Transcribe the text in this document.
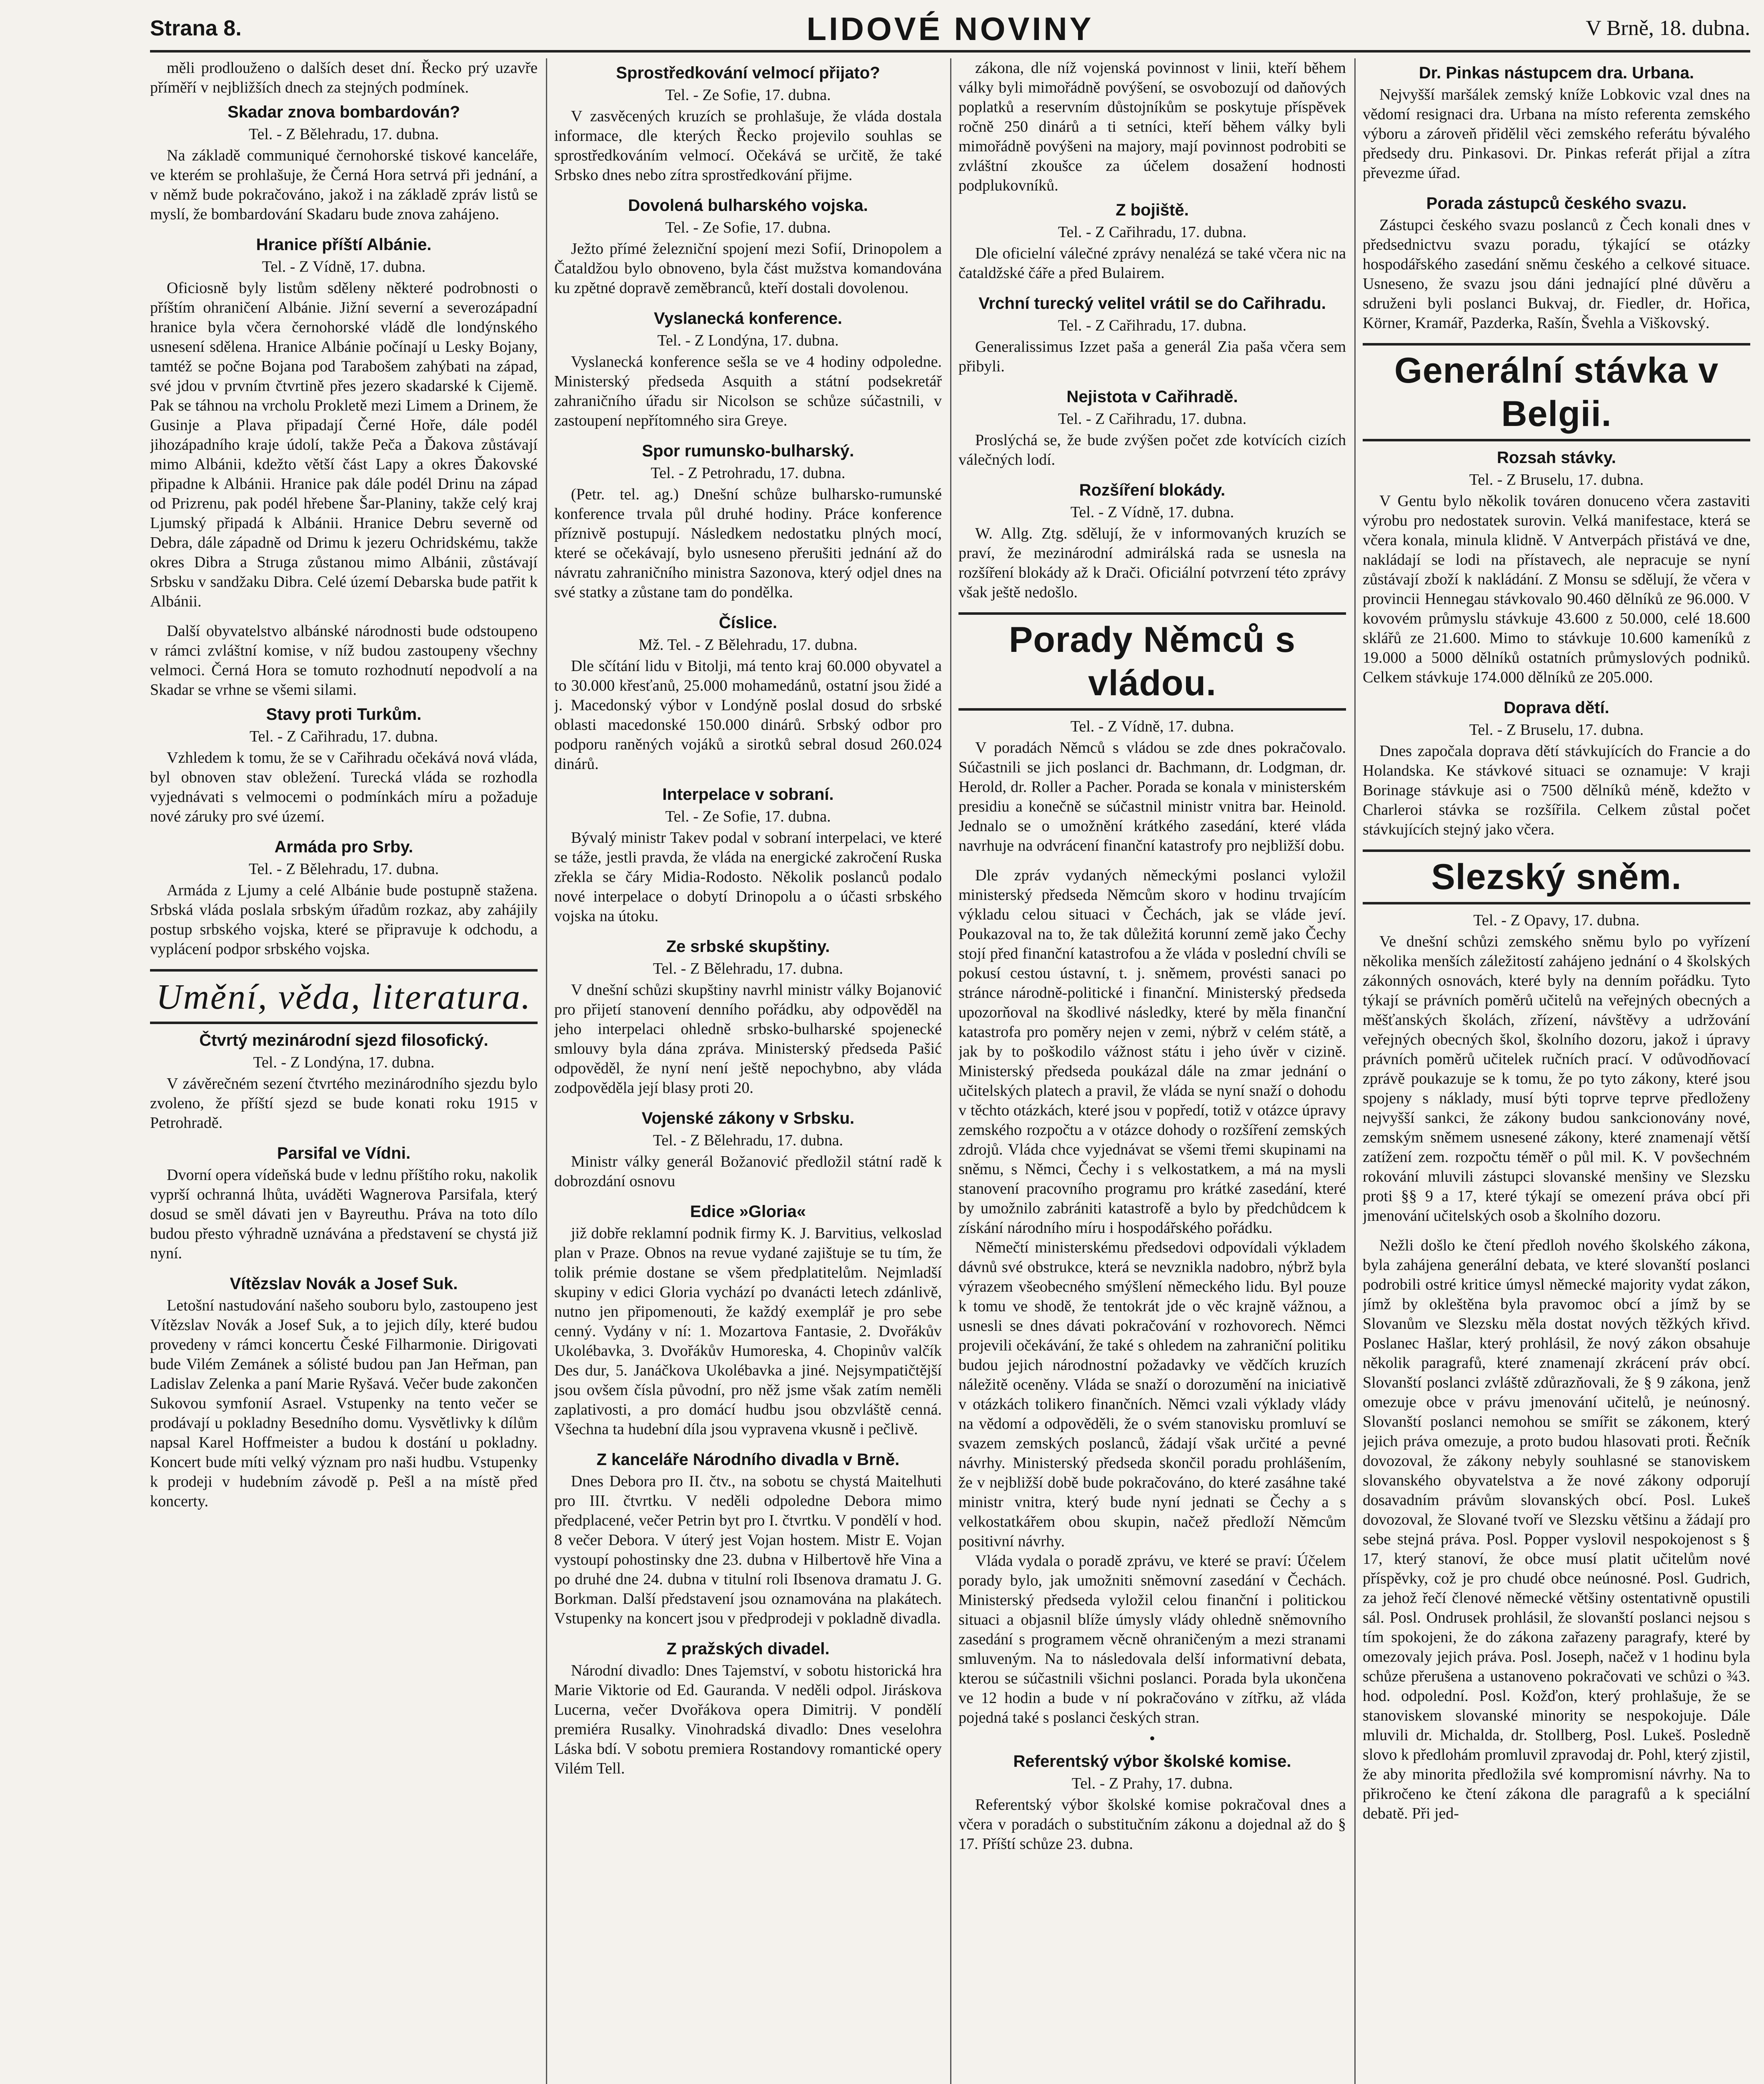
Strana 8.	LIDOVÉ NOVINY	V Brně, 18. dubna.

měli prodlouženo o dalších deset dní. Řecko prý uzavře příměří v nejbližších dnech za stejných podmínek.

Skadar znova bombardován?
Tel. - Z Bělehradu, 17. dubna.

Na základě communiqué černohorské tiskové kanceláře, ve kterém se prohlašuje, že Černá Hora setrvá při jednání, a v němž bude pokračováno, jakož i na základě zpráv listů se myslí, že bombardování Skadaru bude znova zahájeno.

Hranice příští Albánie.
Tel. - Z Vídně, 17. dubna.

Oficiosně byly listům sděleny některé podrobnosti o příštím ohraničení Albánie. Jižní severní a severozápadní hranice byla včera černohorské vládě dle londýnského usnesení sdělena. Hranice Albánie počínají u Lesky Bojany, tamtéž se počne Bojana pod Tarabošem zahýbati na západ, své jdou v prvním čtvrtině přes jezero skadarské k Cijemě. Pak se táhnou na vrcholu Prokletě mezi Limem a Drinem, že Gusinje a Plava připadají Černé Hoře, dále podél jihozápadního kraje údolí, takže Peča a Ďakova zůstávají mimo Albánii, kdežto větší část Lapy a okres Ďakovské připadne k Albánii. Hranice pak dále podél Drinu na západ od Prizrenu, pak podél hřebene Šar-Planiny, takže celý kraj Ljumský připadá k Albánii. Hranice Debru severně od Debra, dále západně od Drimu k jezeru Ochridskému, takže okres Dibra a Struga zůstanou mimo Albánii, zůstávají Srbsku v sandžaku Dibra. Celé území Debarska bude patřit k Albánii.

Další obyvatelstvo albánské národnosti bude odstoupeno v rámci zvláštní komise, v níž budou zastoupeny všechny velmoci. Černá Hora se tomuto rozhodnutí nepodvolí a na Skadar se vrhne se všemi silami.

Stavy proti Turkům.
Tel. - Z Cařihradu, 17. dubna.

Vzhledem k tomu, že se v Cařihradu očekává nová vláda, byl obnoven stav obležení. Turecká vláda se rozhodla vyjednávati s velmocemi o podmínkách míru a požaduje nové záruky pro své území.

Armáda pro Srby.
Tel. - Z Bělehradu, 17. dubna.

Armáda z Ljumy a celé Albánie bude postupně stažena. Srbská vláda poslala srbským úřadům rozkaz, aby zahájily postup srbského vojska, které se připravuje k odchodu, a vyplácení podpor srbského vojska.

Umění, věda, literatura.
Čtvrtý mezinárodní sjezd filosofický.
Tel. - Z Londýna, 17. dubna.

V závěrečném sezení čtvrtého mezinárodního sjezdu bylo zvoleno, že příští sjezd se bude konati roku 1915 v Petrohradě.

Parsifal ve Vídni.

Dvorní opera vídeňská bude v lednu příštího roku, nakolik vyprší ochranná lhůta, uváděti Wagnerova Parsifala, který dosud se směl dávati jen v Bayreuthu. Práva na toto dílo budou přesto výhradně uznávána a představení se chystá již nyní.

Vítězslav Novák a Josef Suk.

Letošní nastudování našeho souboru bylo, zastoupeno jest Vítězslav Novák a Josef Suk, a to jejich díly, které budou provedeny v rámci koncertu České Filharmonie. Dirigovati bude Vilém Zemánek a sólisté budou pan Jan Heřman, pan Ladislav Zelenka a paní Marie Ryšavá. Večer bude zakončen Sukovou symfonií Asrael. Vstupenky na tento večer se prodávají u pokladny Besedního domu. Vysvětlivky k dílům napsal Karel Hoffmeister a budou k dostání u pokladny. Koncert bude míti velký význam pro naši hudbu. Vstupenky k prodeji v hudebním závodě p. Pešl a na místě před koncerty.

Sprostředkování velmocí přijato?
Tel. - Ze Sofie, 17. dubna.

V zasvěcených kruzích se prohlašuje, že vláda dostala informace, dle kterých Řecko projevilo souhlas se sprostředkováním velmocí. Očekává se určitě, že také Srbsko dnes nebo zítra sprostředkování přijme.

Dovolená bulharského vojska.
Tel. - Ze Sofie, 17. dubna.

Ježto přímé železniční spojení mezi Sofií, Drinopolem a Čataldžou bylo obnoveno, byla část mužstva komandována ku zpětné dopravě zeměbranců, kteří dostali dovolenou.

Vyslanecká konference.
Tel. - Z Londýna, 17. dubna.

Vyslanecká konference sešla se ve 4 hodiny odpoledne. Ministerský předseda Asquith a státní podsekretář zahraničního úřadu sir Nicolson se schůze súčastnili, v zastoupení nepřítomného sira Greye.

Spor rumunsko-bulharský.
Tel. - Z Petrohradu, 17. dubna.

(Petr. tel. ag.) Dnešní schůze bulharsko-rumunské konference trvala půl druhé hodiny. Práce konference příznivě postupují. Následkem nedostatku plných mocí, které se očekávají, bylo usneseno přerušiti jednání až do návratu zahraničního ministra Sazonova, který odjel dnes na své statky a zůstane tam do pondělka.

Číslice.
Mž. Tel. - Z Bělehradu, 17. dubna.

Dle sčítání lidu v Bitolji, má tento kraj 60.000 obyvatel a to 30.000 křesťanů, 25.000 mohamedánů, ostatní jsou židé a j. Macedonský výbor v Londýně poslal dosud do srbské oblasti macedonské 150.000 dinárů. Srbský odbor pro podporu raněných vojáků a sirotků sebral dosud 260.024 dinárů.

Interpelace v sobraní.
Tel. - Ze Sofie, 17. dubna.

Bývalý ministr Takev podal v sobraní interpelaci, ve které se táže, jestli pravda, že vláda na energické zakročení Ruska zřekla se čáry Midia-Rodosto. Několik poslanců podalo nové interpelace o dobytí Drinopolu a o účasti srbského vojska na útoku.

Ze srbské skupštiny.
Tel. - Z Bělehradu, 17. dubna.

V dnešní schůzi skupštiny navrhl ministr války Bojanović pro přijetí stanovení denního pořádku, aby odpověděl na jeho interpelaci ohledně srbsko-bulharské spojenecké smlouvy byla dána zpráva. Ministerský předseda Pašić odpověděl, že nyní není ještě nepochybno, aby vláda zodpověděla její blasy proti 20.

Vojenské zákony v Srbsku.
Tel. - Z Bělehradu, 17. dubna.

Ministr války generál Božanović předložil státní radě k dobrozdání osnovu

Edice »Gloria«

již dobře reklamní podnik firmy K. J. Barvitius, velkoslad plan v Praze. Obnos na revue vydané zajištuje se tu tím, že tolik prémie dostane se všem předplatitelům. Nejmladší skupiny v edici Gloria vychází po dvanácti letech zdánlivě, nutno jen připomenouti, že každý exemplář je pro sebe cenný. Vydány v ní: 1. Mozartova Fantasie, 2. Dvořákův Ukolébavka, 3. Dvořákův Humoreska, 4. Chopinův valčík Des dur, 5. Janáčkova Ukolébavka a jiné. Nejsympatičtější jsou ovšem čísla původní, pro něž jsme však zatím neměli zaplativosti, a pro domácí hudbu jsou obzvláště cenná. Všechna ta hudební díla jsou vypravena vkusně i pečlivě.

Z kanceláře Národního divadla v Brně.

Dnes Debora pro II. čtv., na sobotu se chystá Maitelhuti pro III. čtvrtku. V neděli odpoledne Debora mimo předplacené, večer Petrin byt pro I. čtvrtku. V pondělí v hod. 8 večer Debora. V úterý jest Vojan hostem. Mistr E. Vojan vystoupí pohostinsky dne 23. dubna v Hilbertově hře Vina a po druhé dne 24. dubna v titulní roli Ibsenova dramatu J. G. Borkman. Další představení jsou oznamována na plakátech. Vstupenky na koncert jsou v předprodeji v pokladně divadla.

Z pražských divadel.

Národní divadlo: Dnes Tajemství, v sobotu historická hra Marie Viktorie od Ed. Gauranda. V neděli odpol. Jiráskova Lucerna, večer Dvořákova opera Dimitrij. V pondělí premiéra Rusalky. Vinohradská divadlo: Dnes veselohra Láska bdí. V sobotu premiera Rostandovy romantické opery Vilém Tell.

zákona, dle níž vojenská povinnost v linii, kteří během války byli mimořádně povýšení, se osvobozují od daňových poplatků a reservním důstojníkům se poskytuje příspěvek ročně 250 dinárů a ti setníci, kteří během války byli mimořádně povýšeni na majory, mají povinnost podrobiti se zvláštní zkoušce za účelem dosažení hodnosti podplukovníků.

Z bojiště.
Tel. - Z Cařihradu, 17. dubna.

Dle oficielní válečné zprávy nenalézá se také včera nic na čataldžské čáře a před Bulairem.

Vrchní turecký velitel vrátil se do Cařihradu.
Tel. - Z Cařihradu, 17. dubna.

Generalissimus Izzet paša a generál Zia paša včera sem přibyli.

Nejistota v Cařihradě.
Tel. - Z Cařihradu, 17. dubna.

Proslýchá se, že bude zvýšen počet zde kotvících cizích válečných lodí.

Rozšíření blokády.
Tel. - Z Vídně, 17. dubna.

W. Allg. Ztg. sdělují, že v informovaných kruzích se praví, že mezinárodní admirálská rada se usnesla na rozšíření blokády až k Drači. Oficiální potvrzení této zprávy však ještě nedošlo.

Porady Němců s vládou.
Tel. - Z Vídně, 17. dubna.

V poradách Němců s vládou se zde dnes pokračovalo. Súčastnili se jich poslanci dr. Bachmann, dr. Lodgman, dr. Herold, dr. Roller a Pacher. Porada se konala v ministerském presidiu a konečně se súčastnil ministr vnitra bar. Heinold. Jednalo se o umožnění krátkého zasedání, které vláda navrhuje na odvrácení finanční katastrofy pro nejbližší dobu.

Dle zpráv vydaných německými poslanci vyložil ministerský předseda Němcům skoro v hodinu trvajícím výkladu celou situaci v Čechách, jak se vláde jeví. Poukazoval na to, že tak důležitá korunní země jako Čechy stojí před finanční katastrofou a že vláda v poslední chvíli se pokusí cestou ústavní, t. j. sněmem, provésti sanaci po stránce národně-politické i finanční. Ministerský předseda upozorňoval na škodlivé následky, které by měla finanční katastrofa pro poměry nejen v zemi, nýbrž v celém státě, a jak by to poškodilo vážnost státu i jeho úvěr v cizině. Ministerský předseda poukázal dále na zmar jednání o učitelských platech a pravil, že vláda se nyní snaží o dohodu v těchto otázkách, které jsou v popředí, totiž v otázce úpravy zemského rozpočtu a v otázce dohody o rozšíření zemských zdrojů. Vláda chce vyjednávat se všemi třemi skupinami na sněmu, s Němci, Čechy i s velkostatkem, a má na mysli stanovení pracovního programu pro krátké zasedání, které by umožnilo zabrániti katastrofě a bylo by předchůdcem k získání národního míru i hospodářského pořádku.

Němečtí ministerskému předsedovi odpovídali výkladem dávnů své obstrukce, která se nevznikla nadobro, nýbrž byla výrazem všeobecného smýšlení německého lidu. Byl pouze k tomu ve shodě, že tentokrát jde o věc krajně vážnou, a usnesli se dnes dávati pokračování v rozhovorech. Němci projevili očekávání, že také s ohledem na zahraniční politiku budou jejich národnostní požadavky ve vědčích kruzích náležitě oceněny. Vláda se snaží o dorozumění na iniciativě v otázkách tolikero finančních. Němci vzali výklady vlády na vědomí a odpověděli, že o svém stanovisku promluví se svazem zemských poslanců, žádají však určité a pevné návrhy. Ministerský předseda skončil poradu prohlášením, že v nejbližší době bude pokračováno, do které zasáhne také ministr vnitra, který bude nyní jednati se Čechy a s velkostatkářem obou skupin, načež předloží Němcům positivní návrhy.

Vláda vydala o poradě zprávu, ve které se praví: Účelem porady bylo, jak umožniti sněmovní zasedání v Čechách. Ministerský předseda vyložil celou finanční i politickou situaci a objasnil blíže úmysly vlády ohledně sněmovního zasedání s programem věcně ohraničeným a mezi stranami smluveným. Na to následovala delší informativní debata, kterou se súčastnili všichni poslanci. Porada byla ukončena ve 12 hodin a bude v ní pokračováno v zítřku, až vláda pojedná také s poslanci českých stran.

•
Referentský výbor školské komise.
Tel. - Z Prahy, 17. dubna.

Referentský výbor školské komise pokračoval dnes a včera v poradách o substitučním zákonu a dojednal až do § 17. Příští schůze 23. dubna.

Dr. Pinkas nástupcem dra. Urbana.

Nejvyšší maršálek zemský kníže Lobkovic vzal dnes na vědomí resignaci dra. Urbana na místo referenta zemského výboru a zároveň přidělil věci zemského referátu bývalého předsedy dru. Pinkasovi. Dr. Pinkas referát přijal a zítra převezme úřad.

Porada zástupců českého svazu.

Zástupci českého svazu poslanců z Čech konali dnes v předsednictvu svazu poradu, týkající se otázky hospodářského zasedání sněmu českého a celkové situace. Usneseno, že svazu jsou dáni jednající plné důvěru a sdruženi byli poslanci Bukvaj, dr. Fiedler, dr. Hořica, Körner, Kramář, Pazderka, Rašín, Švehla a Viškovský.

Generální stávka v Belgii.
Rozsah stávky.
Tel. - Z Bruselu, 17. dubna.

V Gentu bylo několik továren donuceno včera zastaviti výrobu pro nedostatek surovin. Velká manifestace, která se včera konala, minula klidně. V Antverpách přistává ve dne, nakládají se lodi na přístavech, ale nepracuje se nyní zůstávají zboží k nakládání. Z Monsu se sdělují, že včera v provincii Hennegau stávkovalo 90.460 dělníků ze 96.000. V kovovém průmyslu stávkuje 43.600 z 50.000, celé 18.600 sklářů ze 21.600. Mimo to stávkuje 10.600 kameníků z 19.000 a 5000 dělníků ostatních průmyslových podniků. Celkem stávkuje 174.000 dělníků ze 205.000.

Doprava dětí.
Tel. - Z Bruselu, 17. dubna.

Dnes započala doprava dětí stávkujících do Francie a do Holandska. Ke stávkové situaci se oznamuje: V kraji Borinage stávkuje asi o 7500 dělníků méně, kdežto v Charleroi stávka se rozšířila. Celkem zůstal počet stávkujících stejný jako včera.

Slezský sněm.
Tel. - Z Opavy, 17. dubna.

Ve dnešní schůzi zemského sněmu bylo po vyřízení několika menších záležitostí zahájeno jednání o 4 školských zákonných osnovách, které byly na denním pořádku. Tyto týkají se právních poměrů učitelů na veřejných obecných a měšťanských školách, zřízení, návštěvy a udržování veřejných obecných škol, školního dozoru, jakož i úpravy právních poměrů učitelek ručních prací. V odůvodňovací zprávě poukazuje se k tomu, že po tyto zákony, které jsou spojeny s náklady, musí býti toprve teprve předloženy nejvyšší sankci, že zákony budou sankcionovány nové, zemským sněmem usnesené zákony, které znamenají větší zatížení zem. rozpočtu téměř o půl mil. K. V povšechném rokování mluvili zástupci slovanské menšiny ve Slezsku proti §§ 9 a 17, které týkají se omezení práva obcí při jmenování učitelských osob a školního dozoru.

Nežli došlo ke čtení předloh nového školského zákona, byla zahájena generální debata, ve které slovanští poslanci podrobili ostré kritice úmysl německé majority vydat zákon, jímž by okleštěna byla pravomoc obcí a jímž by se Slovanům ve Slezsku měla dostat nových těžkých křivd. Poslanec Hašlar, který prohlásil, že nový zákon obsahuje několik paragrafů, které znamenají zkrácení práv obcí. Slovanští poslanci zvláště zdůrazňovali, že § 9 zákona, jenž omezuje obce v právu jmenování učitelů, je neúnosný. Slovanští poslanci nemohou se smířit se zákonem, který jejich práva omezuje, a proto budou hlasovati proti. Řečník dovozoval, že zákony nebyly souhlasné se stanoviskem slovanského obyvatelstva a že nové zákony odporují dosavadním právům slovanských obcí. Posl. Lukeš dovozoval, že Slované tvoří ve Slezsku většinu a žádají pro sebe stejná práva. Posl. Popper vyslovil nespokojenost s § 17, který stanoví, že obce musí platit učitelům nové příspěvky, což je pro chudé obce neúnosné. Posl. Gudrich, za jehož řečí členové německé většiny ostentativně opustili sál. Posl. Ondrusek prohlásil, že slovanští poslanci nejsou s tím spokojeni, že do zákona zařazeny paragrafy, které by omezovaly jejich práva. Posl. Joseph, načež v 1 hodinu byla schůze přerušena a ustanoveno pokračovati ve schůzi o ¾3. hod. odpolední. Posl. Kožďon, který prohlašuje, že se stanoviskem slovanské minority se nespokojuje. Dále mluvili dr. Michalda, dr. Stollberg, Posl. Lukeš. Posledně slovo k předlohám promluvil zpravodaj dr. Pohl, který zjistil, že aby minorita předložila své kompromisní návrhy. Na to přikročeno ke čtení zákona dle paragrafů a k speciální debatě. Při jed-
